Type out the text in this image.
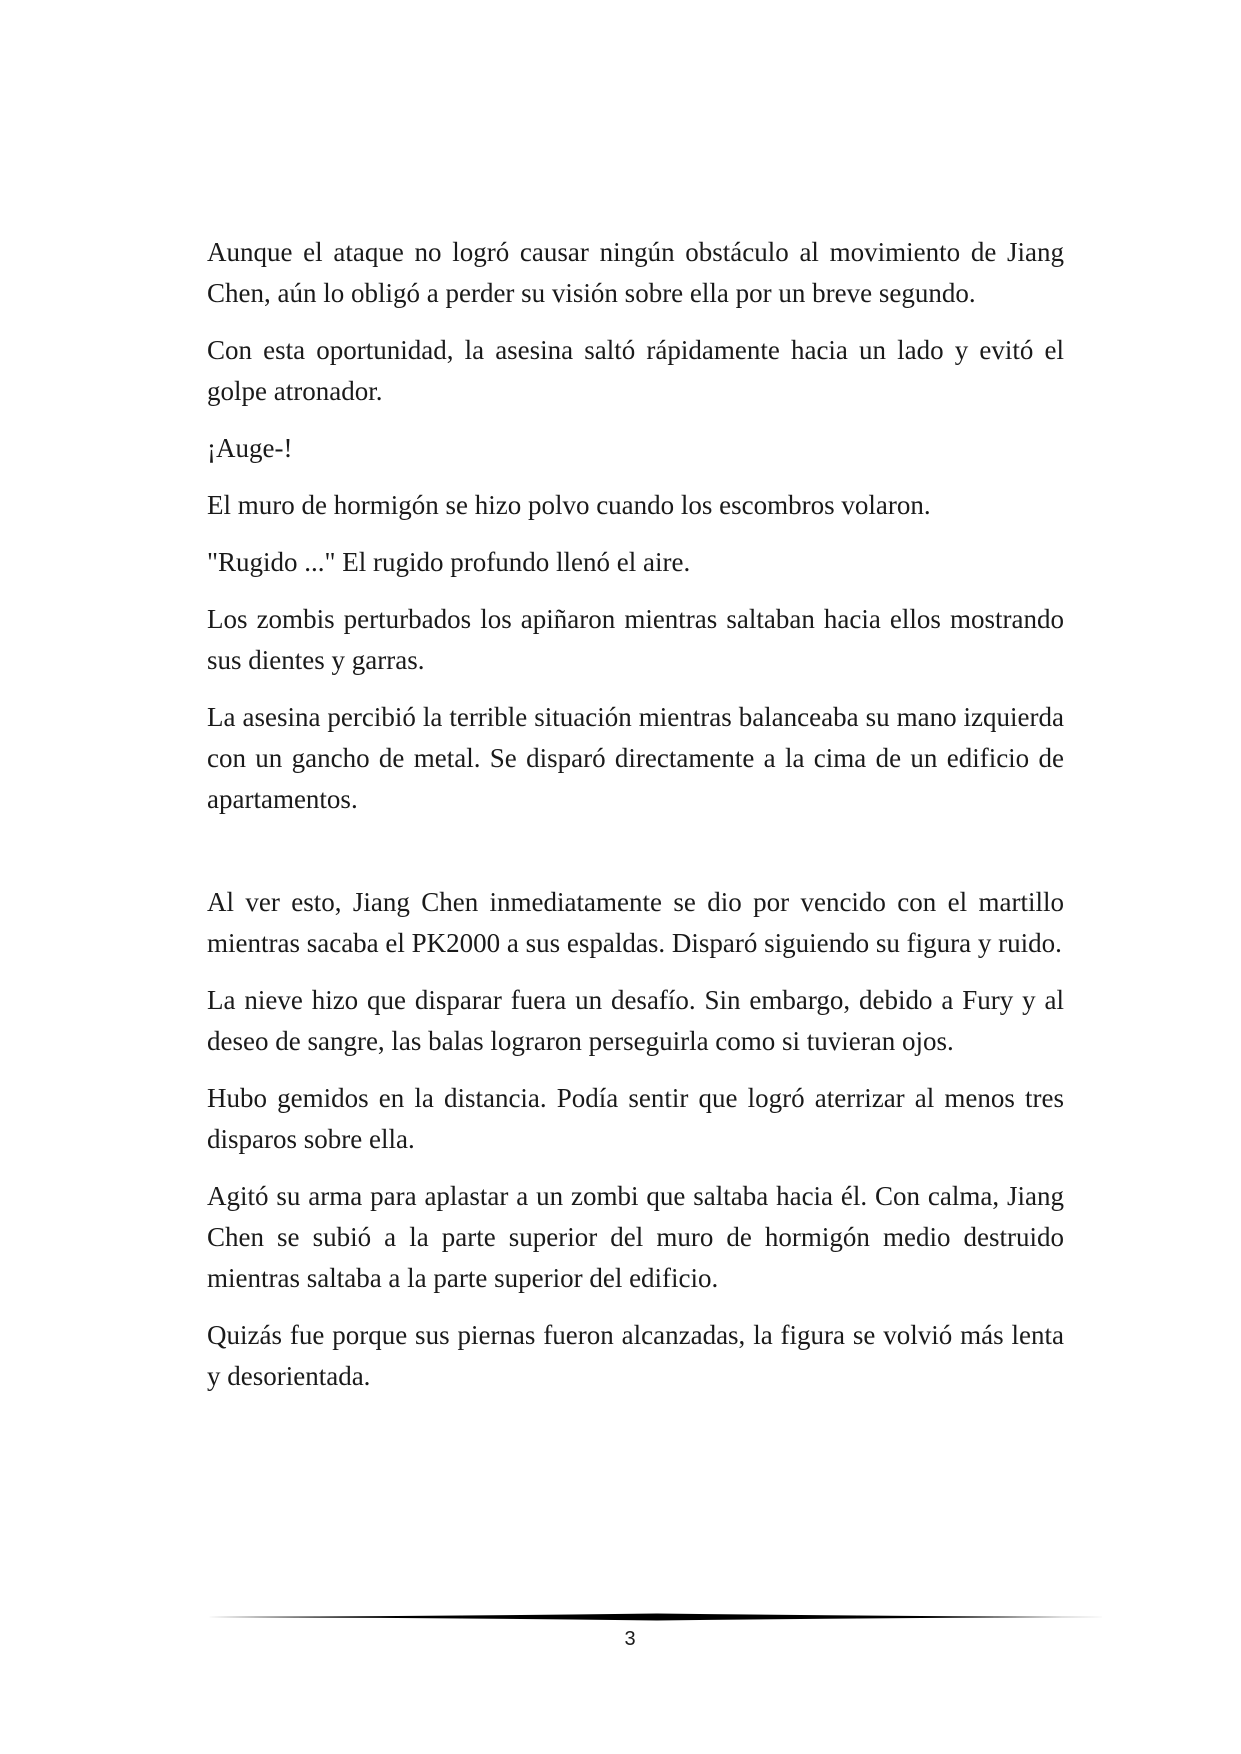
Aunque el ataque no logró causar ningún obstáculo al movimiento de Jiang Chen, aún lo obligó a perder su visión sobre ella por un breve segundo.

Con esta oportunidad, la asesina saltó rápidamente hacia un lado y evitó el golpe atronador.

¡Auge-!

El muro de hormigón se hizo polvo cuando los escombros volaron.

"Rugido ..." El rugido profundo llenó el aire.

Los zombis perturbados los apiñaron mientras saltaban hacia ellos mostrando sus dientes y garras.

La asesina percibió la terrible situación mientras balanceaba su mano izquierda con un gancho de metal. Se disparó directamente a la cima de un edificio de apartamentos.

Al ver esto, Jiang Chen inmediatamente se dio por vencido con el martillo mientras sacaba el PK2000 a sus espaldas. Disparó siguiendo su figura y ruido.

La nieve hizo que disparar fuera un desafío. Sin embargo, debido a Fury y al deseo de sangre, las balas lograron perseguirla como si tuvieran ojos.

Hubo gemidos en la distancia. Podía sentir que logró aterrizar al menos tres disparos sobre ella.

Agitó su arma para aplastar a un zombi que saltaba hacia él. Con calma, Jiang Chen se subió a la parte superior del muro de hormigón medio destruido mientras saltaba a la parte superior del edificio.

Quizás fue porque sus piernas fueron alcanzadas, la figura se volvió más lenta y desorientada.

3
